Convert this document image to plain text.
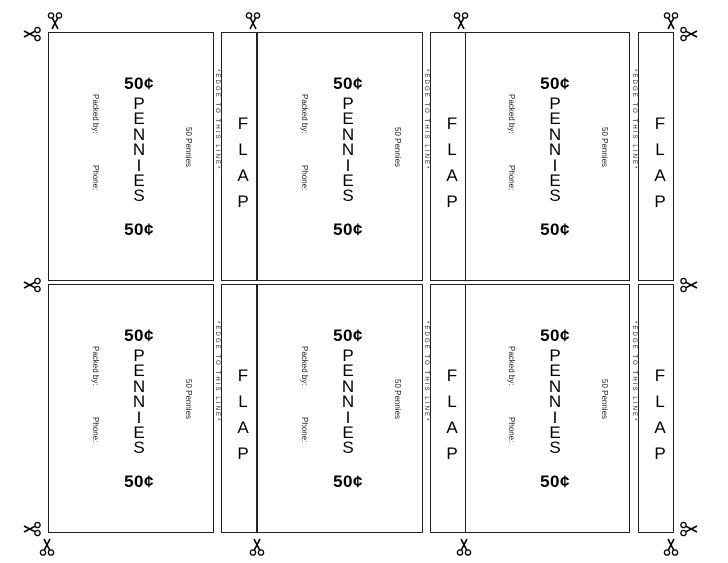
50¢
P
E
N
N
I
E
S
50¢
Packed by:
Phone:
50 Pennies
50¢
P
E
N
N
I
E
S
50¢
Packed by:
Phone:
50 Pennies
50¢
P
E
N
N
I
E
S
50¢
Packed by:
Phone:
50 Pennies
50¢
P
E
N
N
I
E
S
50¢
Packed by:
Phone:
50 Pennies
50¢
P
E
N
N
I
E
S
50¢
Packed by:
Phone:
50 Pennies
50¢
P
E
N
N
I
E
S
50¢
Packed by:
Phone:
50 Pennies
*EDGE TO THIS LINE* F
L
A
P
*EDGE TO THIS LINE* F
L
A
P
*EDGE TO THIS LINE* F
L
A
P
*EDGE TO THIS LINE* F
L
A
P
*EDGE TO THIS LINE* F
L
A
P
*EDGE TO THIS LINE* F
L
A
P
